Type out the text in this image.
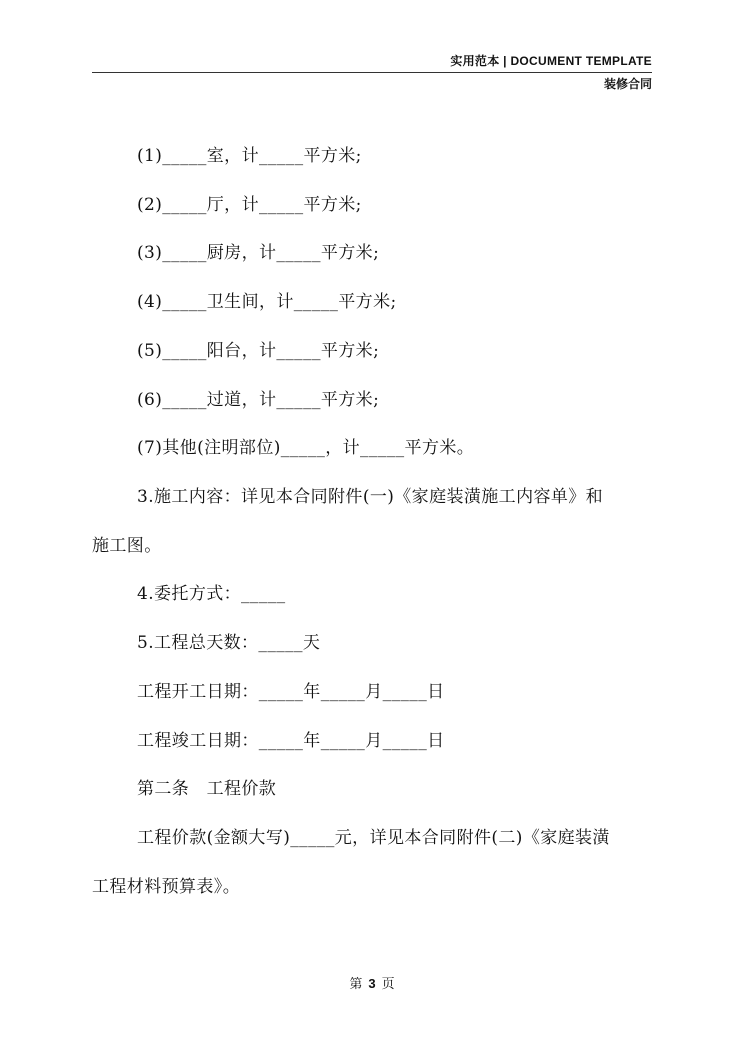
实用范本 | DOCUMENT TEMPLATE
装修合同
(1)_____室，计_____平方米;
(2)_____厅，计_____平方米;
(3)_____厨房，计_____平方米;
(4)_____卫生间，计_____平方米;
(5)_____阳台，计_____平方米;
(6)_____过道，计_____平方米;
(7)其他(注明部位)_____，计_____平方米。
3.施工内容：详见本合同附件(一)《家庭装潢施工内容单》和
施工图。
4.委托方式：_____
5.工程总天数：_____天
工程开工日期：_____年_____月_____日
工程竣工日期：_____年_____月_____日
第二条　工程价款
工程价款(金额大写)_____元，详见本合同附件(二)《家庭装潢
工程材料预算表》。
第 3 页
